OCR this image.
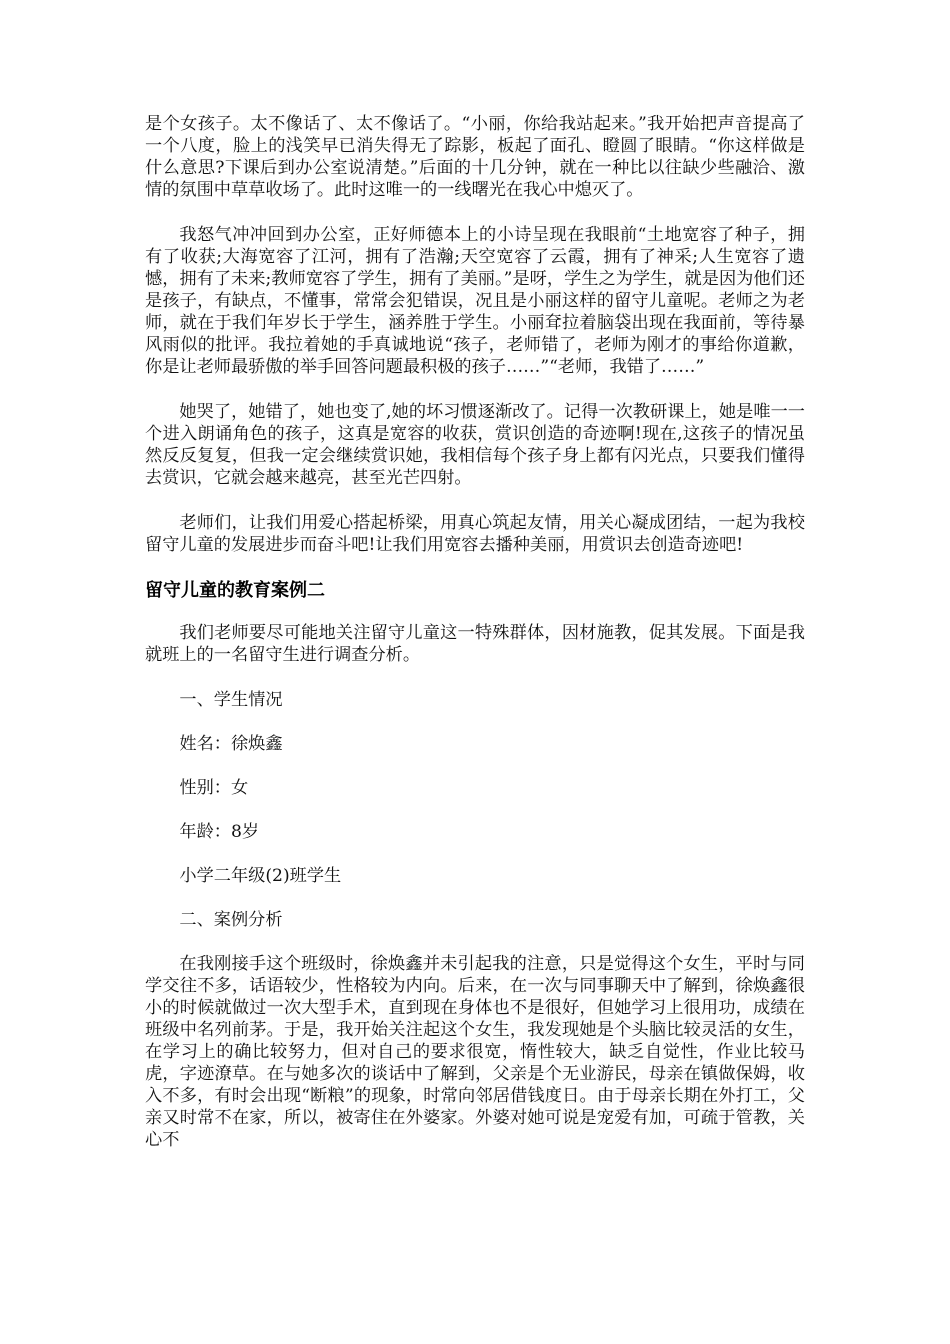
是个女孩子。太不像话了、太不像话了。“小丽，你给我站起来。”我开始把声音提高了一个八度，脸上的浅笑早已消失得无了踪影，板起了面孔、瞪圆了眼睛。“你这样做是什么意思?下课后到办公室说清楚。”后面的十几分钟，就在一种比以往缺少些融洽、激情的氛围中草草收场了。此时这唯一的一线曙光在我心中熄灭了。

我怒气冲冲回到办公室，正好师德本上的小诗呈现在我眼前“土地宽容了种子，拥有了收获;大海宽容了江河，拥有了浩瀚;天空宽容了云霞，拥有了神采;人生宽容了遗憾，拥有了未来;教师宽容了学生，拥有了美丽。”是呀，学生之为学生，就是因为他们还是孩子，有缺点，不懂事，常常会犯错误，况且是小丽这样的留守儿童呢。老师之为老师，就在于我们年岁长于学生，涵养胜于学生。小丽耷拉着脑袋出现在我面前，等待暴风雨似的批评。我拉着她的手真诚地说“孩子，老师错了，老师为刚才的事给你道歉，你是让老师最骄傲的举手回答问题最积极的孩子……”“老师，我错了……”

她哭了，她错了，她也变了,她的坏习惯逐渐改了。记得一次教研课上，她是唯一一个进入朗诵角色的孩子，这真是宽容的收获，赏识创造的奇迹啊!现在,这孩子的情况虽然反反复复，但我一定会继续赏识她，我相信每个孩子身上都有闪光点，只要我们懂得去赏识，它就会越来越亮，甚至光芒四射。

老师们，让我们用爱心搭起桥梁，用真心筑起友情，用关心凝成团结，一起为我校留守儿童的发展进步而奋斗吧!让我们用宽容去播种美丽，用赏识去创造奇迹吧!

留守儿童的教育案例二

我们老师要尽可能地关注留守儿童这一特殊群体，因材施教，促其发展。下面是我就班上的一名留守生进行调查分析。

一、学生情况

姓名：徐焕鑫

性别：女

年龄：8岁

小学二年级(2)班学生

二、案例分析

在我刚接手这个班级时，徐焕鑫并未引起我的注意，只是觉得这个女生，平时与同学交往不多，话语较少，性格较为内向。后来，在一次与同事聊天中了解到，徐焕鑫很小的时候就做过一次大型手术，直到现在身体也不是很好，但她学习上很用功，成绩在班级中名列前茅。于是，我开始关注起这个女生，我发现她是个头脑比较灵活的女生，在学习上的确比较努力，但对自己的要求很宽，惰性较大，缺乏自觉性，作业比较马虎，字迹潦草。在与她多次的谈话中了解到，父亲是个无业游民，母亲在镇做保姆，收入不多，有时会出现“断粮”的现象，时常向邻居借钱度日。由于母亲长期在外打工，父亲又时常不在家，所以，被寄住在外婆家。外婆对她可说是宠爱有加，可疏于管教，关心不
